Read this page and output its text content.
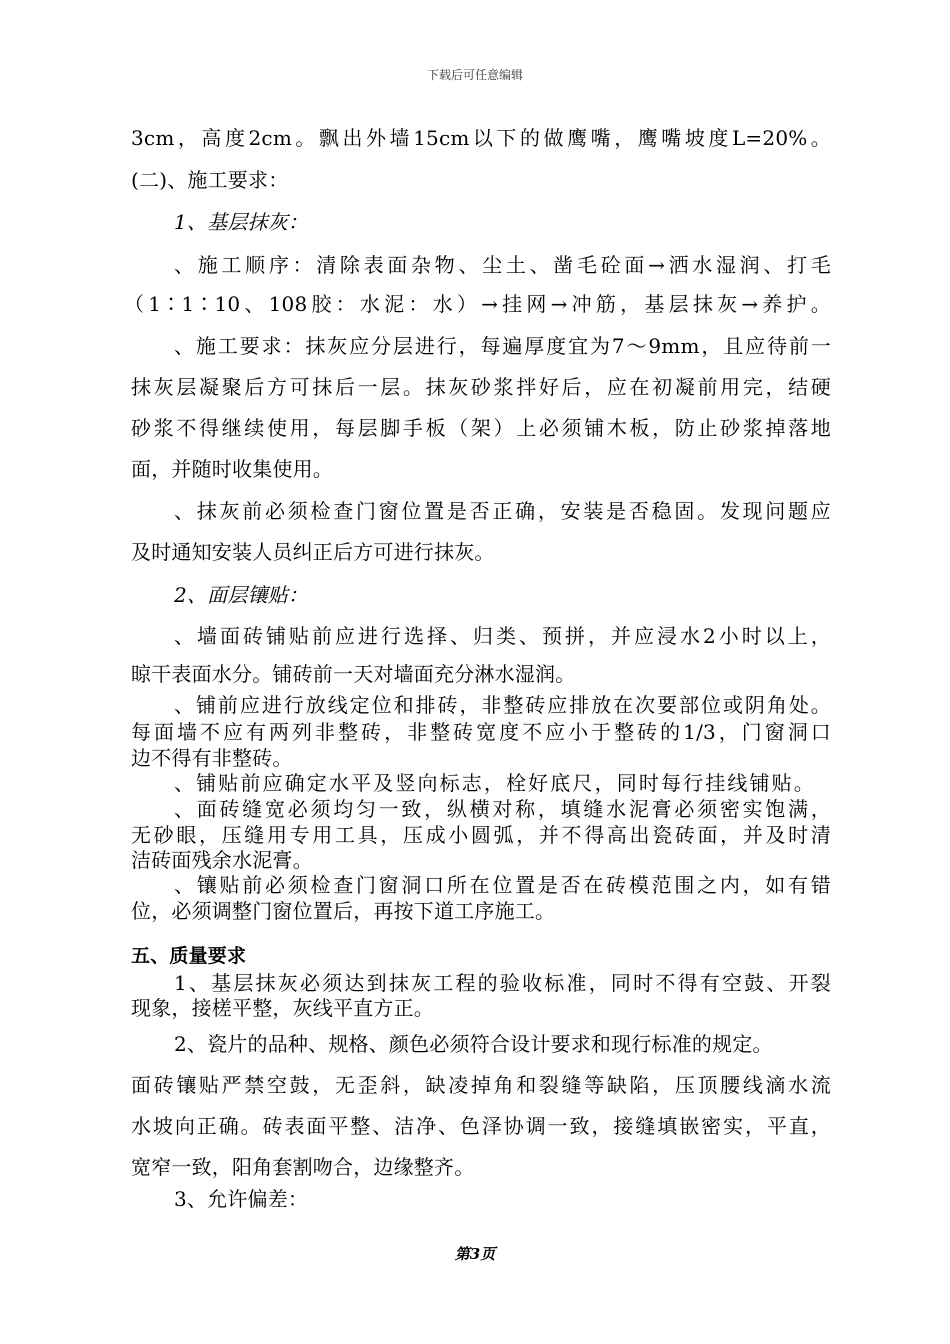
下载后可任意编辑
3cm，高度2cm。飘出外墙15cm以下的做鹰嘴，鹰嘴坡度L=20%。
(二)、施工要求：
1、基层抹灰：
、施工顺序：清除表面杂物、尘土、凿毛砼面→洒水湿润、打毛
（1∶1∶10、108胶：水泥：水）→挂网→冲筋，基层抹灰→养护。
、施工要求：抹灰应分层进行，每遍厚度宜为7～9mm，且应待前一
抹灰层凝聚后方可抹后一层。抹灰砂浆拌好后，应在初凝前用完，结硬
砂浆不得继续使用，每层脚手板（架）上必须铺木板，防止砂浆掉落地
面，并随时收集使用。
、抹灰前必须检查门窗位置是否正确，安装是否稳固。发现问题应
及时通知安装人员纠正后方可进行抹灰。
2、面层镶贴：
、墙面砖铺贴前应进行选择、归类、预拼，并应浸水2小时以上，
晾干表面水分。铺砖前一天对墙面充分淋水湿润。
、铺前应进行放线定位和排砖，非整砖应排放在次要部位或阴角处。
每面墙不应有两列非整砖，非整砖宽度不应小于整砖的1/3，门窗洞口
边不得有非整砖。
、铺贴前应确定水平及竖向标志，栓好底尺，同时每行挂线铺贴。
、面砖缝宽必须均匀一致，纵横对称，填缝水泥膏必须密实饱满，
无砂眼，压缝用专用工具，压成小圆弧，并不得高出瓷砖面，并及时清
洁砖面残余水泥膏。
、镶贴前必须检查门窗洞口所在位置是否在砖模范围之内，如有错
位，必须调整门窗位置后，再按下道工序施工。
五、质量要求
1、基层抹灰必须达到抹灰工程的验收标准，同时不得有空鼓、开裂
现象，接槎平整，灰线平直方正。
2、瓷片的品种、规格、颜色必须符合设计要求和现行标准的规定。
面砖镶贴严禁空鼓，无歪斜，缺凌掉角和裂缝等缺陷，压顶腰线滴水流
水坡向正确。砖表面平整、洁净、色泽协调一致，接缝填嵌密实，平直，
宽窄一致，阳角套割吻合，边缘整齐。
3、允许偏差：
第3页
